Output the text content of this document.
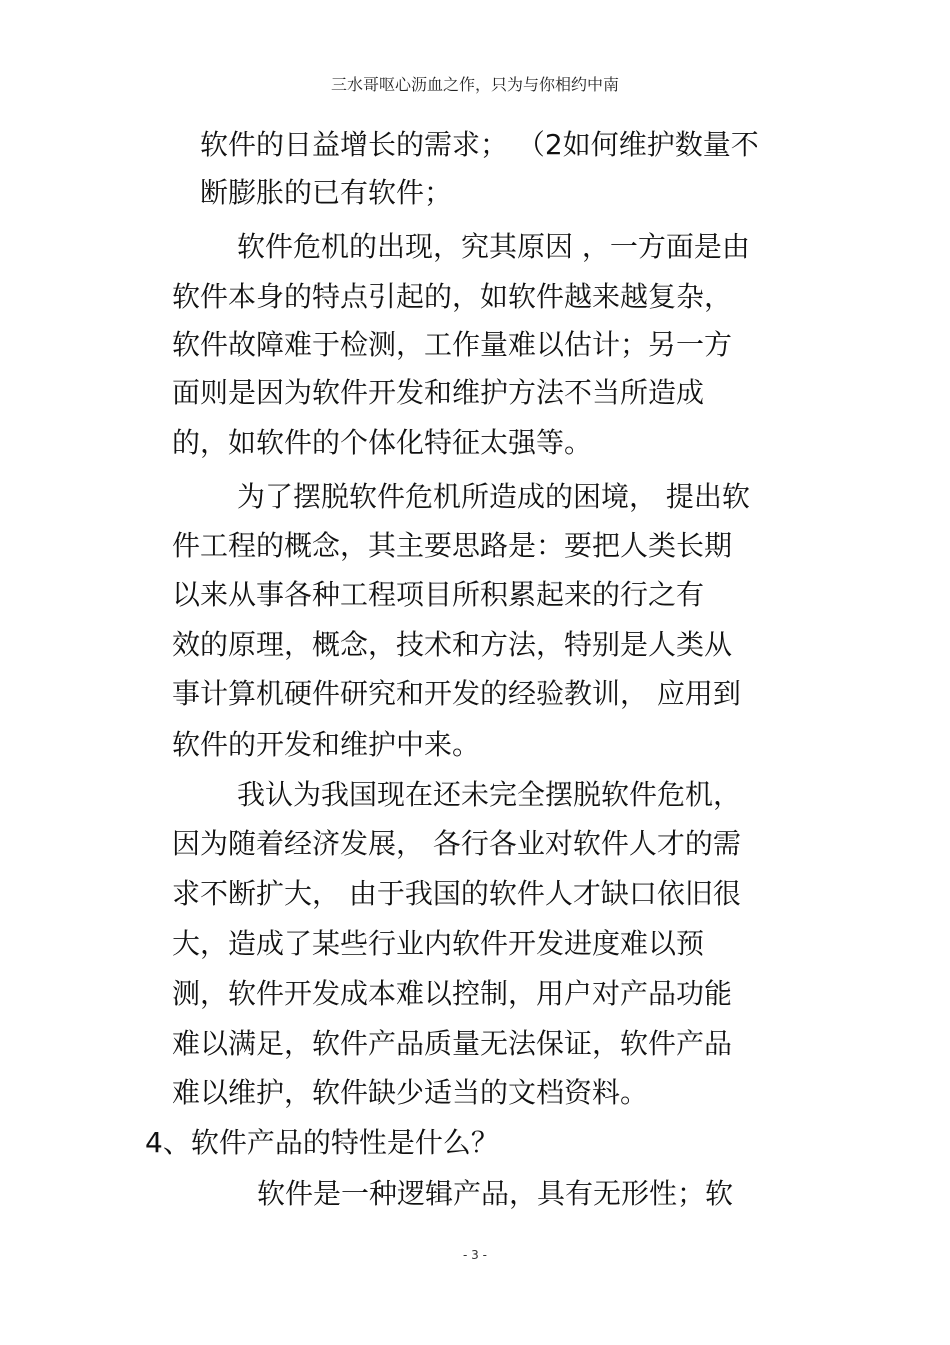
三水哥呕心沥血之作，只为与你相约中南
软件的日益增长的需求； （2如何维护数量不
断膨胀的已有软件；
软件危机的出现，究其原因 ，一方面是由
软件本身的特点引起的，如软件越来越复杂，
软件故障难于检测，工作量难以估计；另一方
面则是因为软件开发和维护方法不当所造成
的，如软件的个体化特征太强等。
为了摆脱软件危机所造成的困境， 提出软
件工程的概念，其主要思路是：要把人类长期
以来从事各种工程项目所积累起来的行之有
效的原理，概念，技术和方法，特别是人类从
事计算机硬件研究和开发的经验教训， 应用到
软件的开发和维护中来。
我认为我国现在还未完全摆脱软件危机，
因为随着经济发展， 各行各业对软件人才的需
求不断扩大， 由于我国的软件人才缺口依旧很
大，造成了某些行业内软件开发进度难以预
测，软件开发成本难以控制，用户对产品功能
难以满足，软件产品质量无法保证，软件产品
难以维护，软件缺少适当的文档资料。
4、软件产品的特性是什么？
软件是一种逻辑产品，具有无形性；软
- 3 -
